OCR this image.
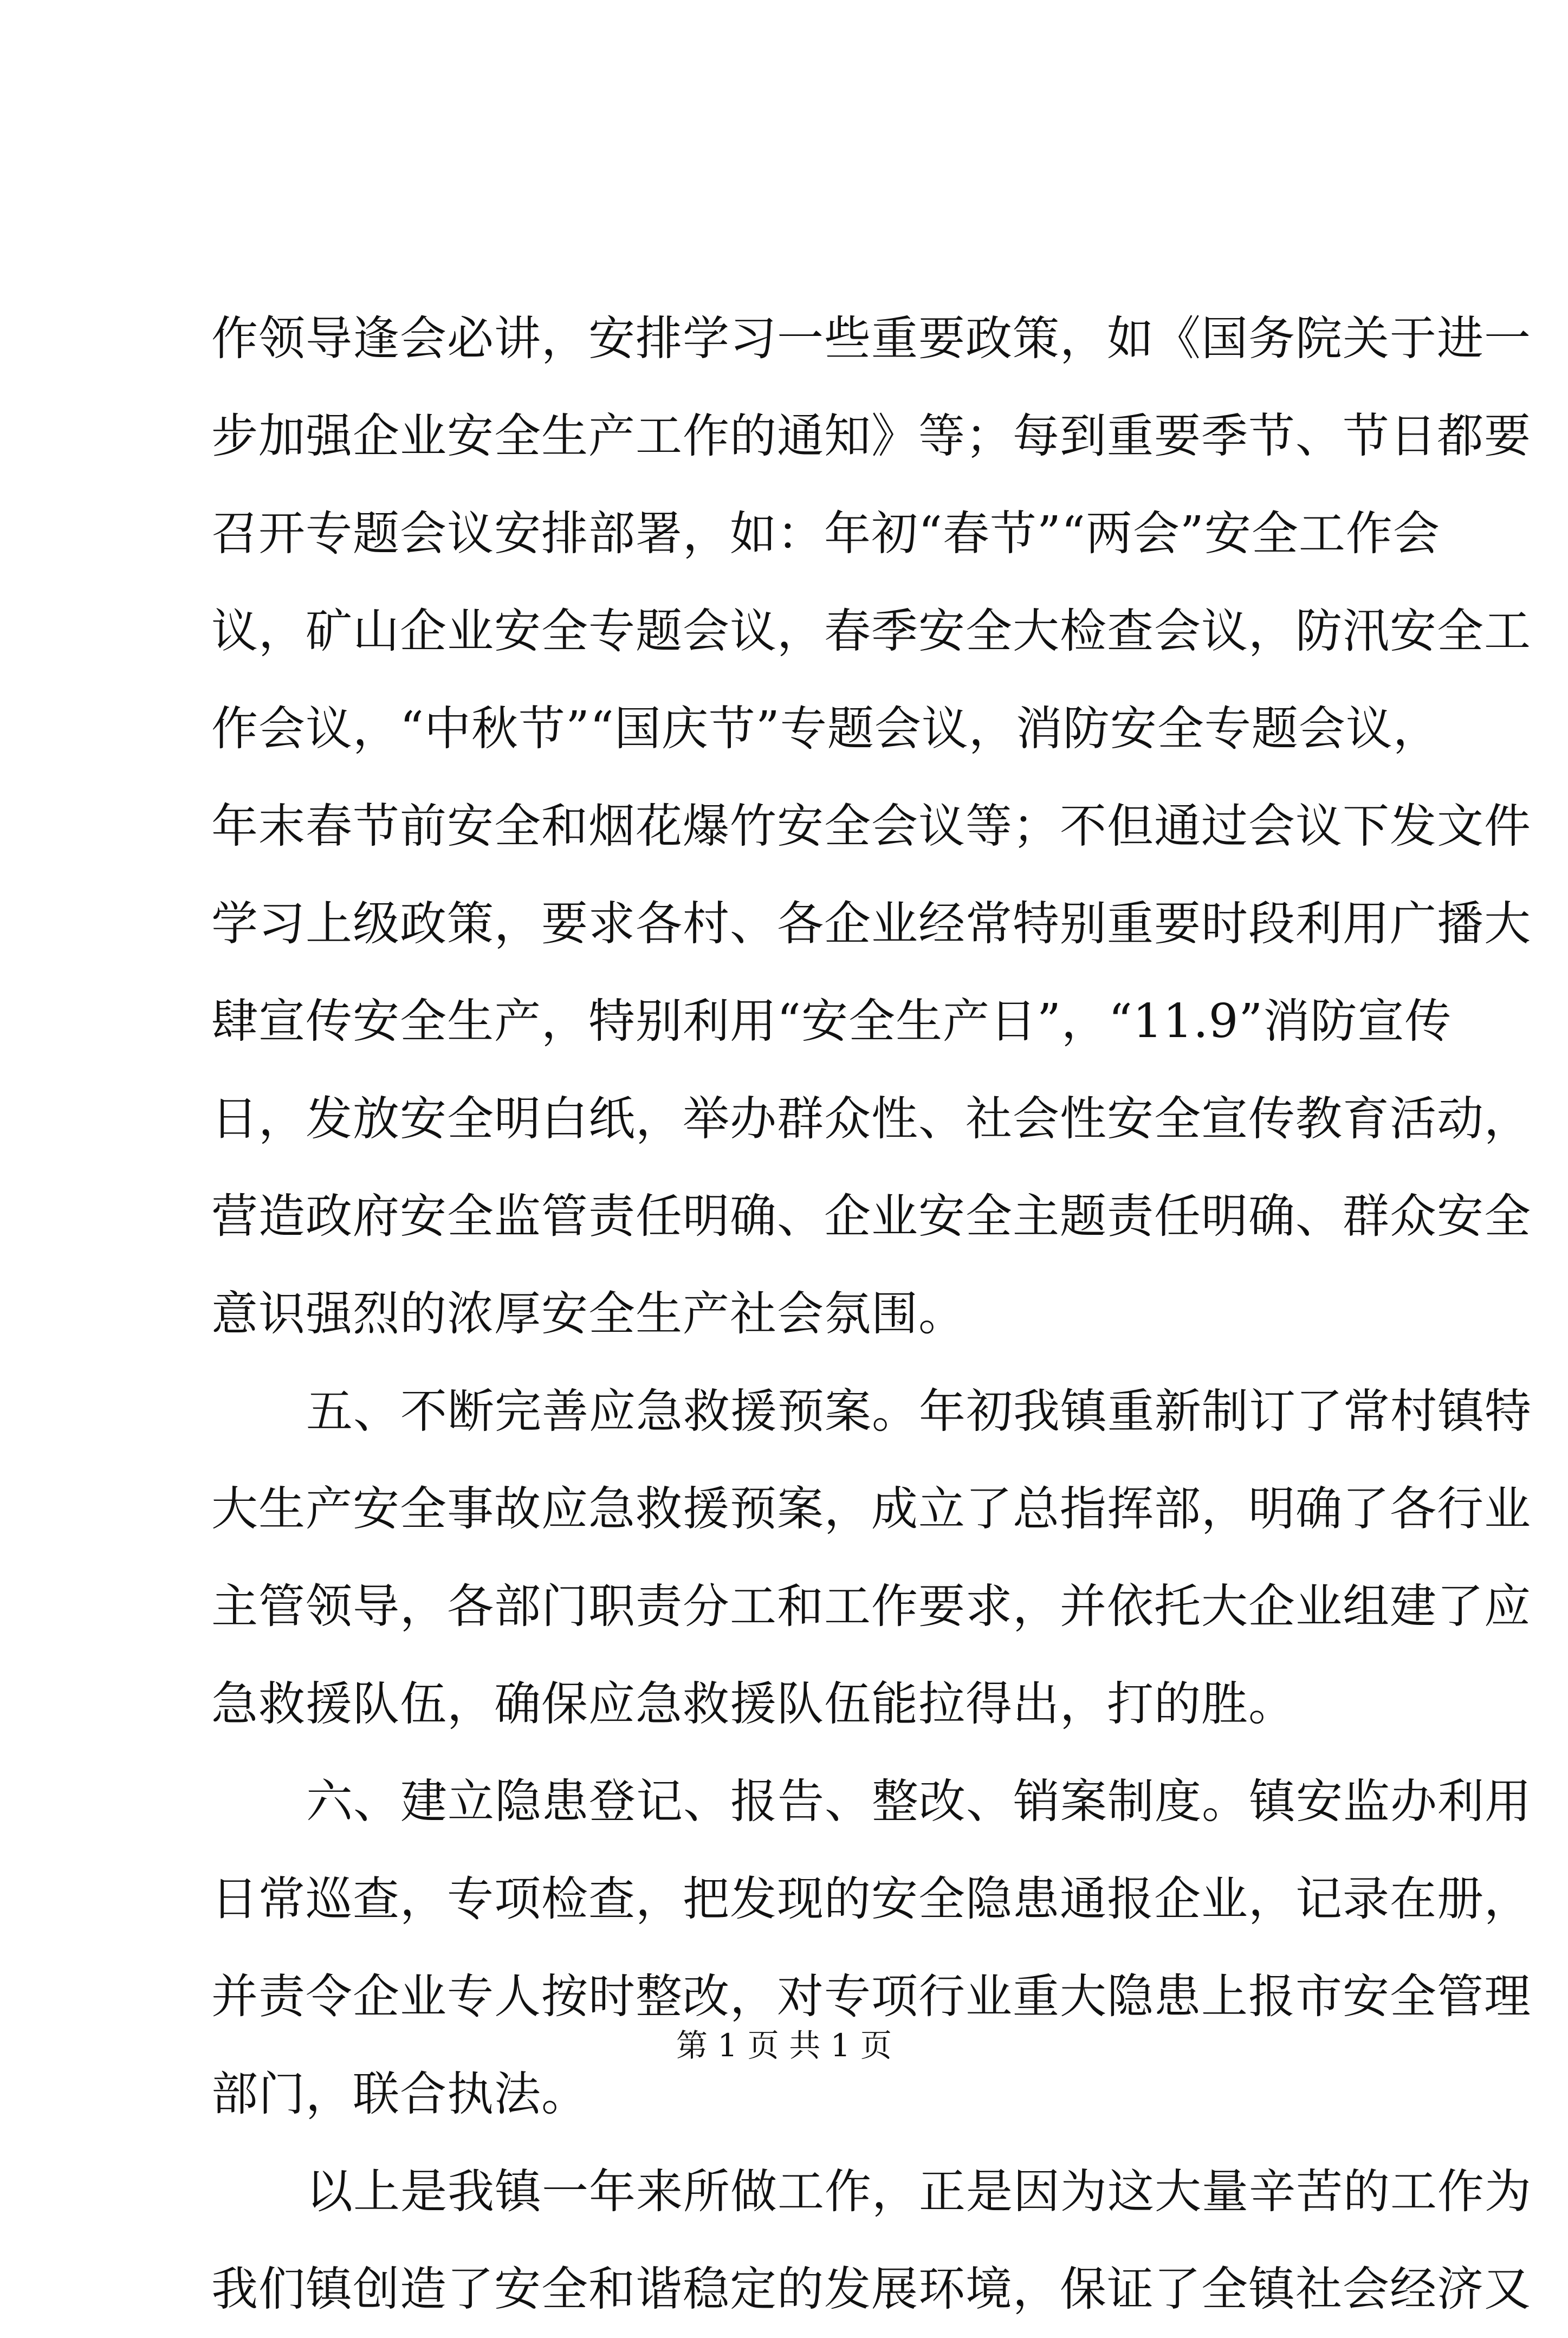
作领导逢会必讲，安排学习一些重要政策，如《国务院关于进一
步加强企业安全生产工作的通知》等；每到重要季节、节日都要
召开专题会议安排部署，如：年初“春节”“两会”安全工作会
议，矿山企业安全专题会议，春季安全大检查会议，防汛安全工
作会议，“中秋节”“国庆节”专题会议，消防安全专题会议，
年末春节前安全和烟花爆竹安全会议等；不但通过会议下发文件
学习上级政策，要求各村、各企业经常特别重要时段利用广播大
肆宣传安全生产，特别利用“安全生产日”，“11.9”消防宣传
日，发放安全明白纸，举办群众性、社会性安全宣传教育活动，
营造政府安全监管责任明确、企业安全主题责任明确、群众安全
意识强烈的浓厚安全生产社会氛围。
五、不断完善应急救援预案。年初我镇重新制订了常村镇特
大生产安全事故应急救援预案，成立了总指挥部，明确了各行业
主管领导，各部门职责分工和工作要求，并依托大企业组建了应
急救援队伍，确保应急救援队伍能拉得出，打的胜。
六、建立隐患登记、报告、整改、销案制度。镇安监办利用
日常巡查，专项检查，把发现的安全隐患通报企业，记录在册，
并责令企业专人按时整改，对专项行业重大隐患上报市安全管理
部门，联合执法。
以上是我镇一年来所做工作，正是因为这大量辛苦的工作为
我们镇创造了安全和谐稳定的发展环境，保证了全镇社会经济又
第 1 页 共 1 页
